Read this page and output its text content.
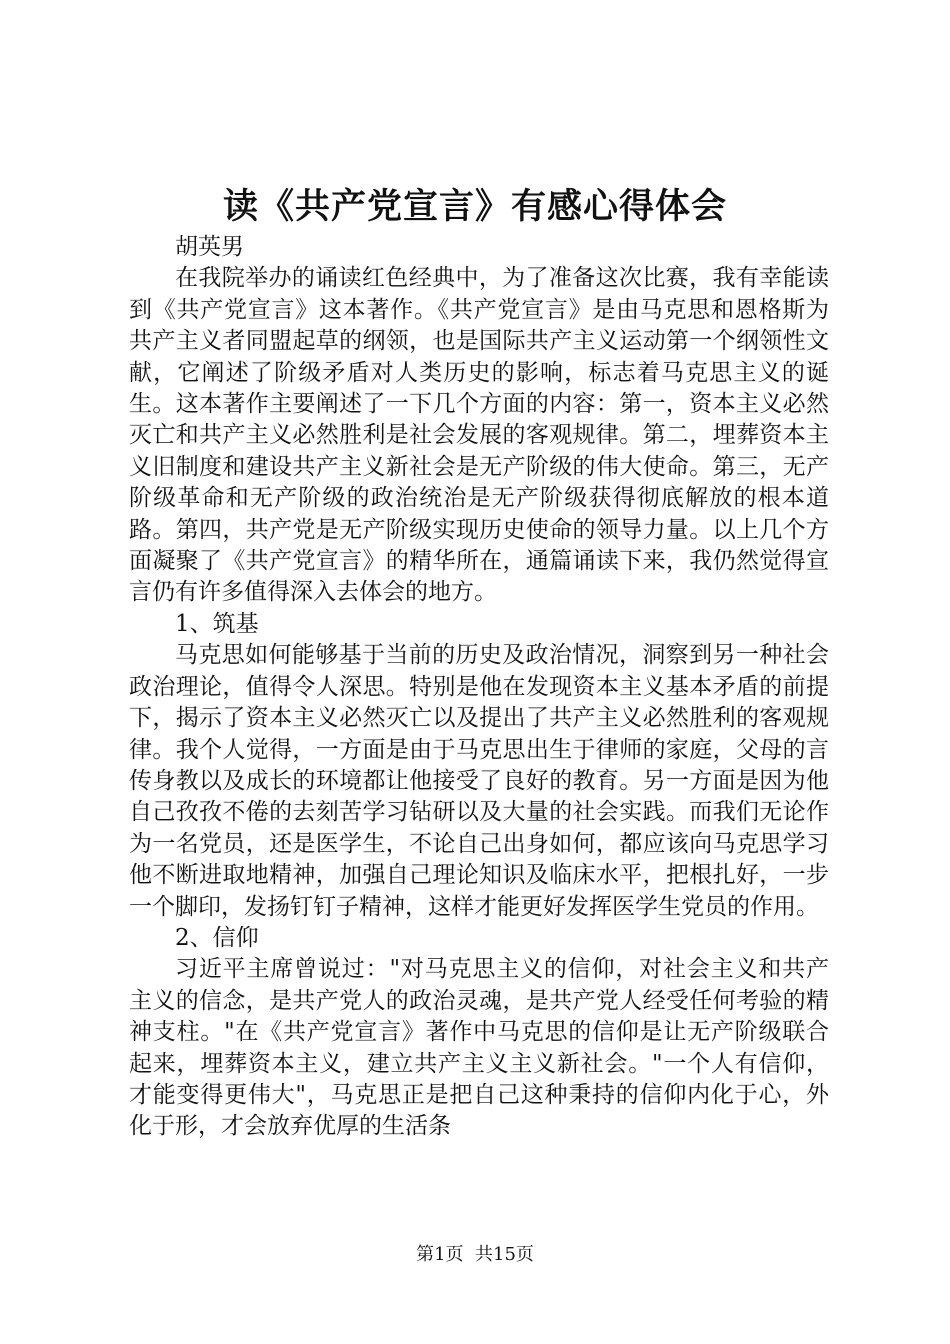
读《共产党宣言》有感心得体会

胡英男

在我院举办的诵读红色经典中，为了准备这次比赛，我有幸能读到《共产党宣言》这本著作。《共产党宣言》是由马克思和恩格斯为共产主义者同盟起草的纲领，也是国际共产主义运动第一个纲领性文献，它阐述了阶级矛盾对人类历史的影响，标志着马克思主义的诞生。这本著作主要阐述了一下几个方面的内容：第一，资本主义必然灭亡和共产主义必然胜利是社会发展的客观规律。第二，埋葬资本主义旧制度和建设共产主义新社会是无产阶级的伟大使命。第三，无产阶级革命和无产阶级的政治统治是无产阶级获得彻底解放的根本道路。第四，共产党是无产阶级实现历史使命的领导力量。以上几个方面凝聚了《共产党宣言》的精华所在，通篇诵读下来，我仍然觉得宣言仍有许多值得深入去体会的地方。

1、筑基

马克思如何能够基于当前的历史及政治情况，洞察到另一种社会政治理论，值得令人深思。特别是他在发现资本主义基本矛盾的前提下，揭示了资本主义必然灭亡以及提出了共产主义必然胜利的客观规律。我个人觉得，一方面是由于马克思出生于律师的家庭，父母的言传身教以及成长的环境都让他接受了良好的教育。另一方面是因为他自己孜孜不倦的去刻苦学习钻研以及大量的社会实践。而我们无论作为一名党员，还是医学生，不论自己出身如何，都应该向马克思学习他不断进取地精神，加强自己理论知识及临床水平，把根扎好，一步一个脚印，发扬钉钉子精神，这样才能更好发挥医学生党员的作用。

2、信仰

习近平主席曾说过："对马克思主义的信仰，对社会主义和共产主义的信念，是共产党人的政治灵魂，是共产党人经受任何考验的精神支柱。"在《共产党宣言》著作中马克思的信仰是让无产阶级联合起来，埋葬资本主义，建立共产主义主义新社会。"一个人有信仰，才能变得更伟大"，马克思正是把自己这种秉持的信仰内化于心，外化于形，才会放弃优厚的生活条

第1页  共15页
